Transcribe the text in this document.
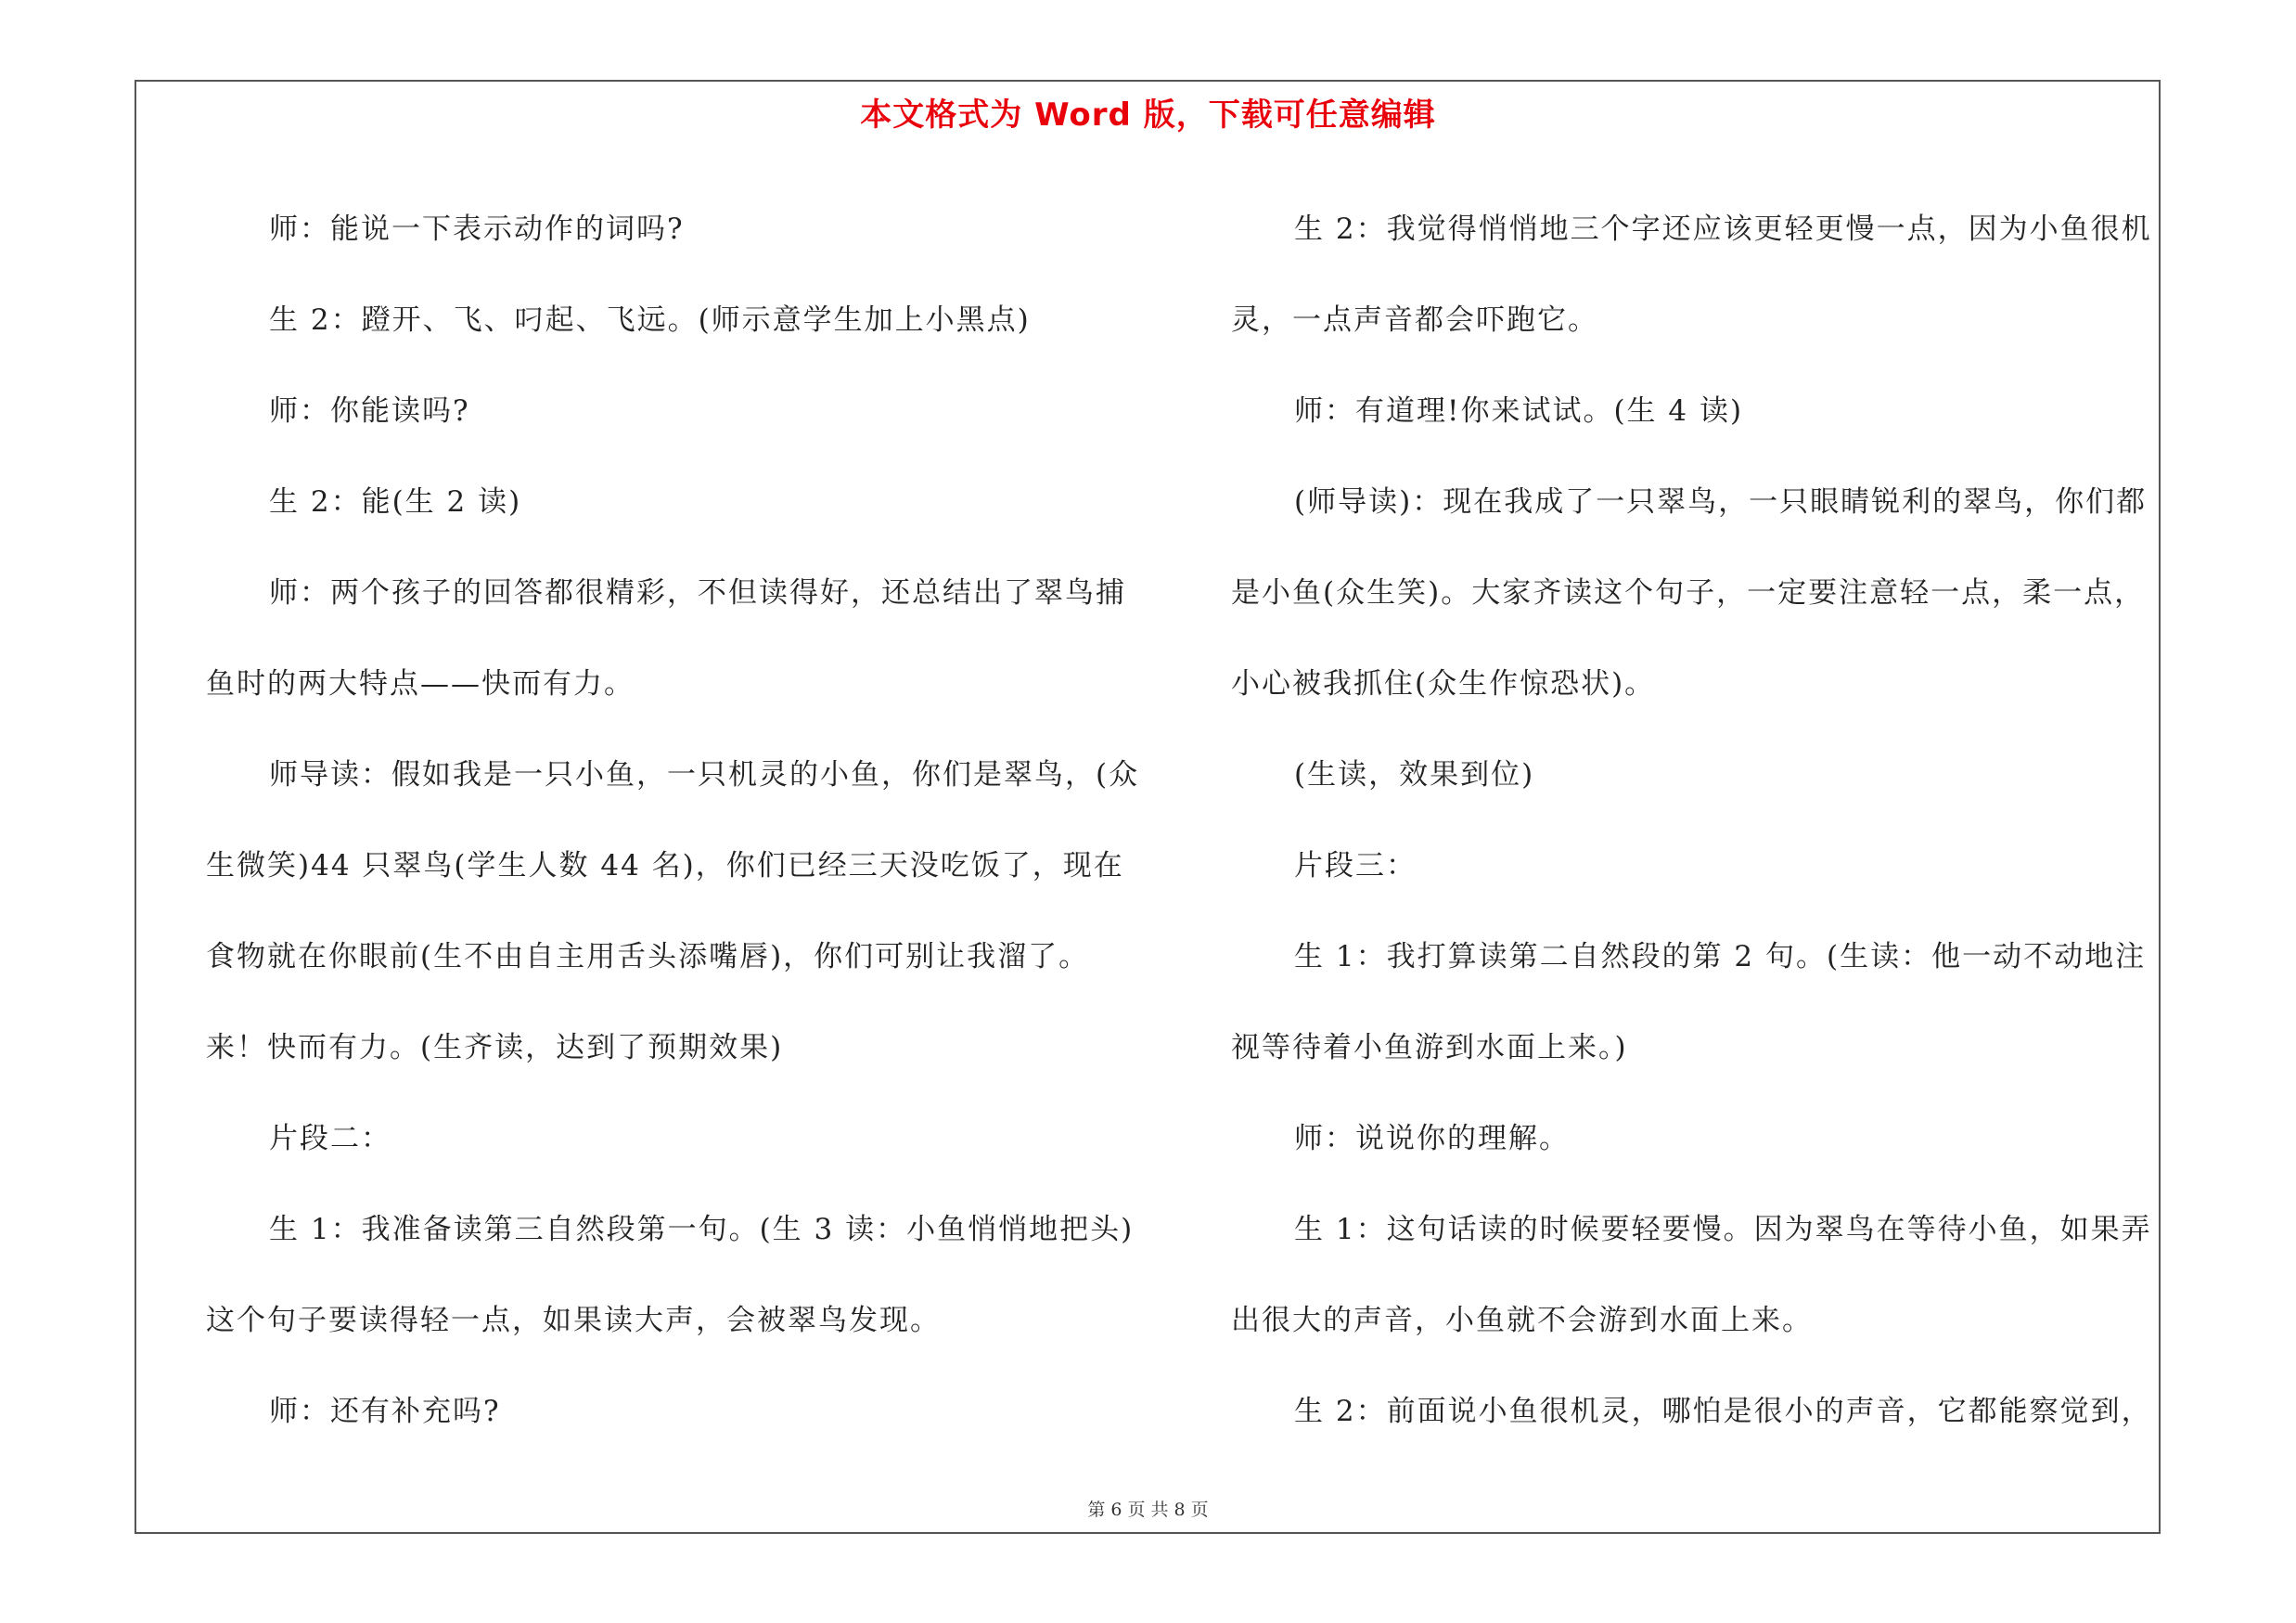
本文格式为 Word 版，下载可任意编辑

师：能说一下表示动作的词吗?

生 2：蹬开、飞、叼起、飞远。(师示意学生加上小黑点)

师：你能读吗?

生 2：能(生 2 读)

师：两个孩子的回答都很精彩，不但读得好，还总结出了翠鸟捕鱼时的两大特点——快而有力。

师导读：假如我是一只小鱼，一只机灵的小鱼，你们是翠鸟，(众生微笑)44 只翠鸟(学生人数 44 名)，你们已经三天没吃饭了，现在食物就在你眼前(生不由自主用舌头添嘴唇)，你们可别让我溜了。来！快而有力。(生齐读，达到了预期效果)

片段二：

生 1：我准备读第三自然段第一句。(生 3 读：小鱼悄悄地把头)这个句子要读得轻一点，如果读大声，会被翠鸟发现。

师：还有补充吗?

生 2：我觉得悄悄地三个字还应该更轻更慢一点，因为小鱼很机灵，一点声音都会吓跑它。

师：有道理!你来试试。(生 4 读)

(师导读)：现在我成了一只翠鸟，一只眼睛锐利的翠鸟，你们都是小鱼(众生笑)。大家齐读这个句子，一定要注意轻一点，柔一点，小心被我抓住(众生作惊恐状)。

(生读，效果到位)

片段三：

生 1：我打算读第二自然段的第 2 句。(生读：他一动不动地注视等待着小鱼游到水面上来。)

师：说说你的理解。

生 1：这句话读的时候要轻要慢。因为翠鸟在等待小鱼，如果弄出很大的声音，小鱼就不会游到水面上来。

生 2：前面说小鱼很机灵，哪怕是很小的声音，它都能察觉到，

第 6 页 共 8 页
